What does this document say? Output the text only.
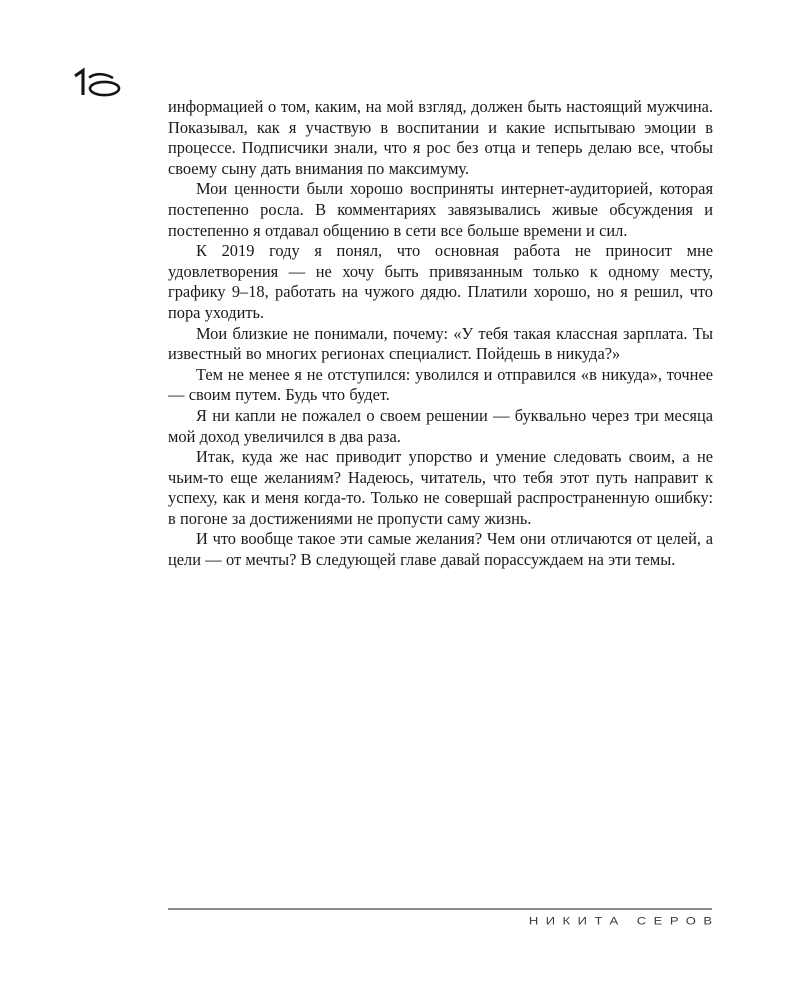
информацией о том, каким, на мой взгляд, должен быть настоящий мужчина. Показывал, как я участвую в воспитании и какие испытываю эмоции в процессе. Подписчики знали, что я рос без отца и теперь делаю все, чтобы своему сыну дать внимания по максимуму.

Мои ценности были хорошо восприняты интернет-аудиторией, которая постепенно росла. В комментариях завязывались живые обсуждения и постепенно я отдавал общению в сети все больше времени и сил.

К 2019 году я понял, что основная работа не приносит мне удовлетворения — не хочу быть привязанным только к одному месту, графику 9–18, работать на чужого дядю. Платили хорошо, но я решил, что пора уходить.

Мои близкие не понимали, почему: «У тебя такая классная зарплата. Ты известный во многих регионах специалист. Пойдешь в никуда?»

Тем не менее я не отступился: уволился и отправился «в никуда», точнее — своим путем. Будь что будет.

Я ни капли не пожалел о своем решении — буквально через три месяца мой доход увеличился в два раза.

Итак, куда же нас приводит упорство и умение следовать своим, а не чьим-то еще желаниям? Надеюсь, читатель, что тебя этот путь направит к успеху, как и меня когда-то. Только не совершай распространенную ошибку: в погоне за достижениями не пропусти саму жизнь.

И что вообще такое эти самые желания? Чем они отличаются от целей, а цели — от мечты? В следующей главе давай порассуждаем на эти темы.

НИКИТА СЕРОВ
